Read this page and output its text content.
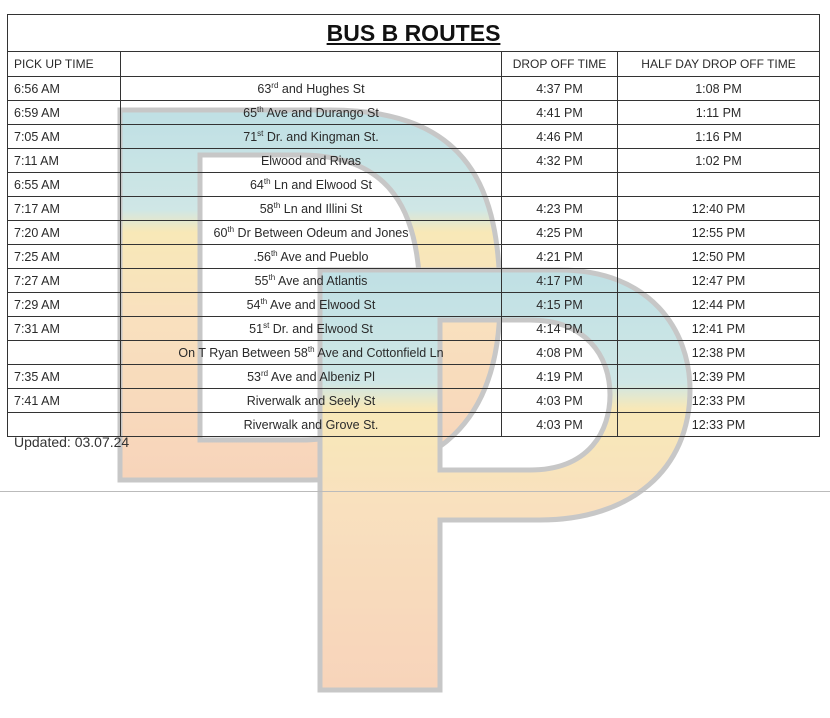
BUS B ROUTES			
PICK UP TIME		DROP OFF TIME	HALF DAY DROP OFF TIME
6:56 AM	63rd and Hughes St	4:37 PM	1:08 PM
6:59 AM	65th Ave and Durango St	4:41 PM	1:11 PM
7:05 AM	71st Dr. and Kingman St.	4:46 PM	1:16 PM
7:11 AM	Elwood and Rivas	4:32 PM	1:02 PM
6:55 AM	64th Ln and Elwood St		
7:17 AM	58th Ln and Illini St	4:23 PM	12:40 PM
7:20 AM	60th Dr Between Odeum and Jones	4:25 PM	12:55 PM
7:25 AM	.56th Ave and Pueblo	4:21 PM	12:50 PM
7:27 AM	55th Ave and Atlantis	4:17 PM	12:47 PM
7:29 AM	54th Ave and Elwood St	4:15 PM	12:44 PM
7:31 AM	51st Dr. and Elwood St	4:14 PM	12:41 PM
	On T Ryan Between 58th Ave and Cottonfield Ln	4:08 PM	12:38 PM
7:35 AM	53rd Ave and Albeniz Pl	4:19 PM	12:39 PM
7:41 AM	Riverwalk and Seely St	4:03 PM	12:33 PM
	Riverwalk and Grove St.	4:03 PM	12:33 PM
Updated: 03.07.24
